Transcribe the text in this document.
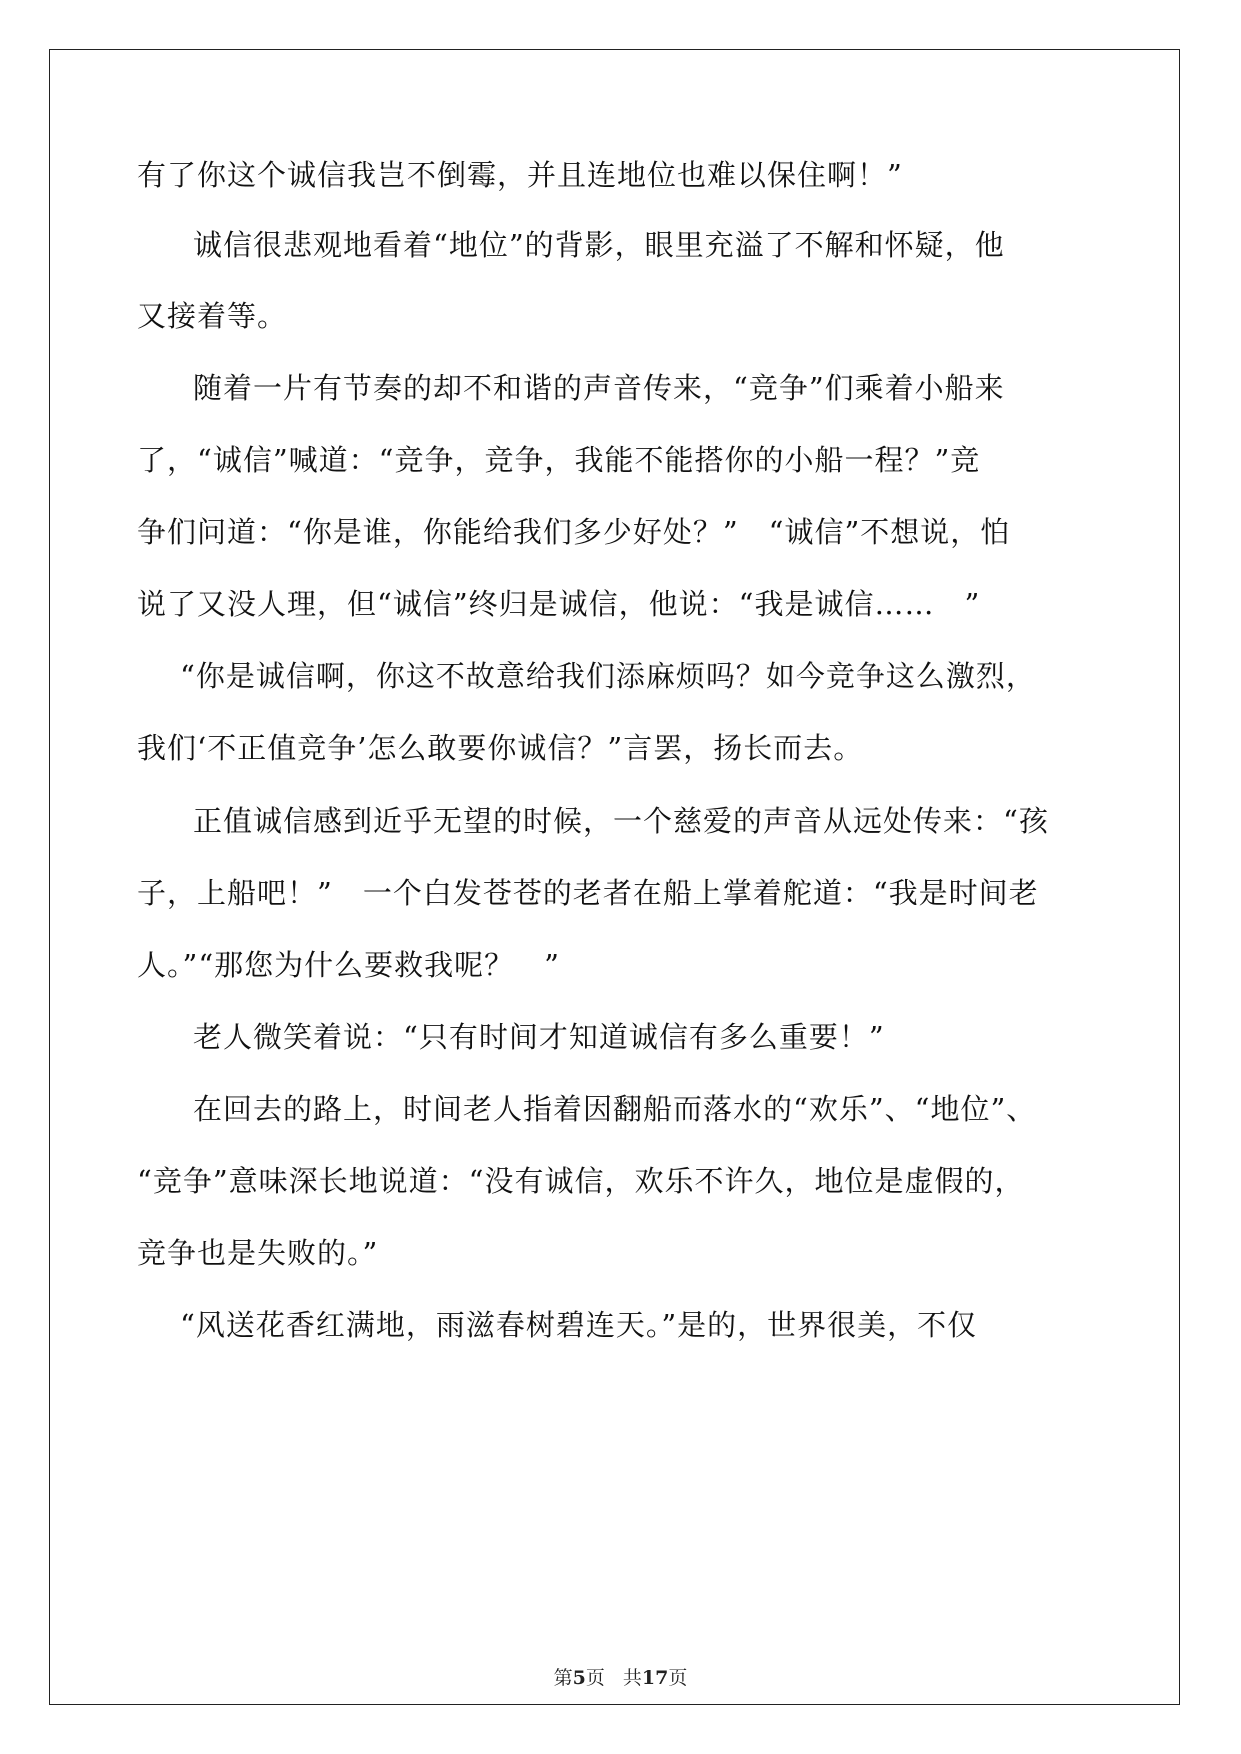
有了你这个诚信我岂不倒霉，并且连地位也难以保住啊！”
诚信很悲观地看着“地位”的背影，眼里充溢了不解和怀疑，他
又接着等。
随着一片有节奏的却不和谐的声音传来，“竞争”们乘着小船来
了，“诚信”喊道：“竞争，竞争，我能不能搭你的小船一程？”竞
争们问道：“你是谁，你能给我们多少好处？”　“诚信”不想说，怕
说了又没人理，但“诚信”终归是诚信，他说：“我是诚信……　”
“你是诚信啊，你这不故意给我们添麻烦吗？如今竞争这么激烈，
我们‘不正值竞争’怎么敢要你诚信？”言罢，扬长而去。
正值诚信感到近乎无望的时候，一个慈爱的声音从远处传来：“孩
子，上船吧！”　一个白发苍苍的老者在船上掌着舵道：“我是时间老
人。”“那您为什么要救我呢？　”
老人微笑着说：“只有时间才知道诚信有多么重要！”
在回去的路上，时间老人指着因翻船而落水的“欢乐”、“地位”、
“竞争”意味深长地说道：“没有诚信，欢乐不许久，地位是虚假的，
竞争也是失败的。”
“风送花香红满地，雨滋春树碧连天。”是的，世界很美，不仅
第5页 共17页
